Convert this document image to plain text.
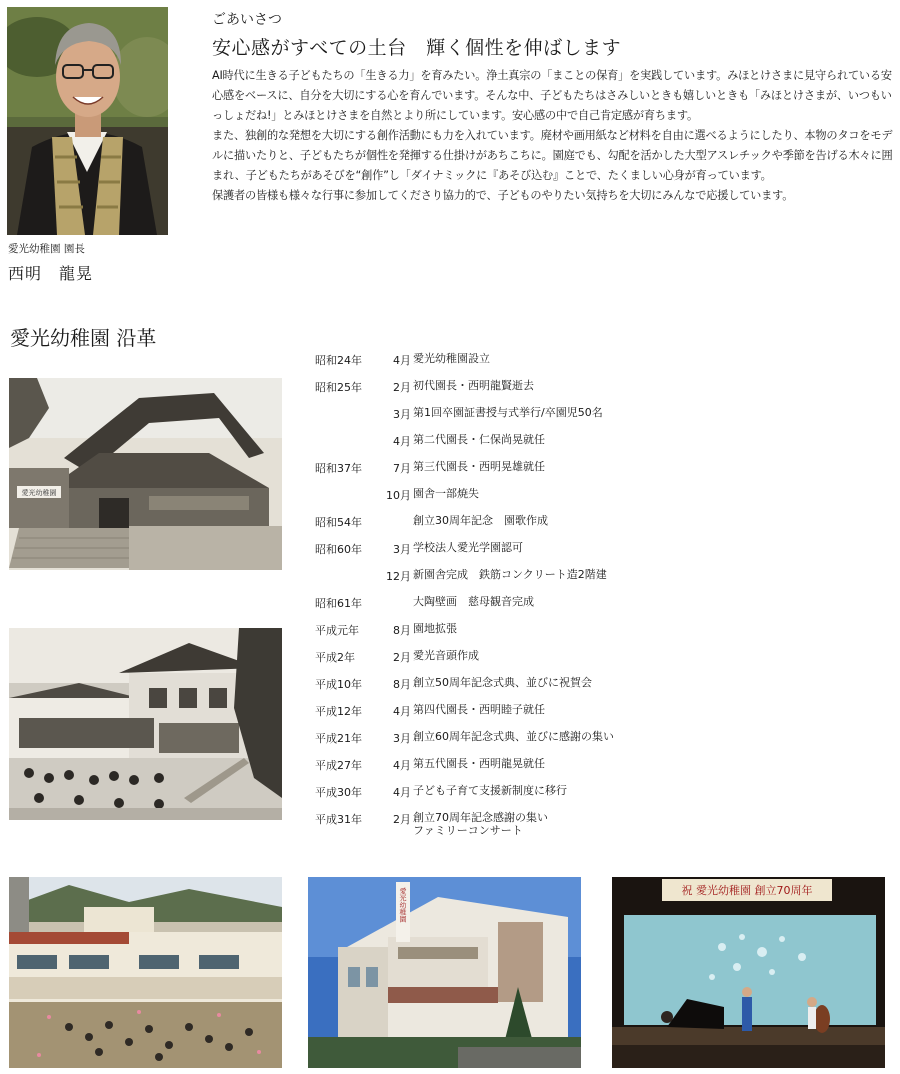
愛光幼稚園 園長
西明　龍晃
ごあいさつ
安心感がすべての土台　輝く個性を伸ばします

AI時代に生きる子どもたちの「生きる力」を育みたい。浄土真宗の「まことの保育」を実践しています。みほとけさまに見守られている安心感をベースに、自分を大切にする心を育んでいます。そんな中、子どもたちはさみしいときも嬉しいときも「みほとけさまが、いつもいっしょだね!」とみほとけさまを自然とより所にしています。安心感の中で自己肯定感が育ちます。

また、独創的な発想を大切にする創作活動にも力を入れています。廃材や画用紙など材料を自由に選べるようにしたり、本物のタコをモデルに描いたりと、子どもたちが個性を発揮する仕掛けがあちこちに。園庭でも、勾配を活かした大型アスレチックや季節を告げる木々に囲まれ、子どもたちがあそびを“創作”し「ダイナミックに『あそび込む』ことで、たくましい心身が育っています。

保護者の皆様も様々な行事に参加してくださり協力的で、子どものやりたい気持ちを大切にみんなで応援しています。

愛光幼稚園 沿革
愛光幼稚園
昭和24年	4月 愛光幼稚園設立
昭和25年	2月 初代園長・西明龍賢逝去
3月 第1回卒園証書授与式挙行/卒園児50名
4月 第二代園長・仁保尚晃就任
昭和37年	7月 第三代園長・西明晃雄就任
10月 園舎一部焼失
昭和54年	創立30周年記念　園歌作成
昭和60年	3月 学校法人愛光学園認可
12月 新園舎完成　鉄筋コンクリート造2階建
昭和61年	大陶壁画　慈母観音完成
平成元年	8月 園地拡張
平成2年	2月 愛光音頭作成
平成10年	8月 創立50周年記念式典、並びに祝賀会
平成12年	4月 第四代園長・西明睦子就任
平成21年	3月 創立60周年記念式典、並びに感謝の集い
平成27年	4月 第五代園長・西明龍晃就任
平成30年	4月 子ども子育て支援新制度に移行
平成31年	2月 創立70周年記念感謝の集い
ファミリーコンサート
愛光幼稚園	祝 愛光幼稚園 創立70周年
